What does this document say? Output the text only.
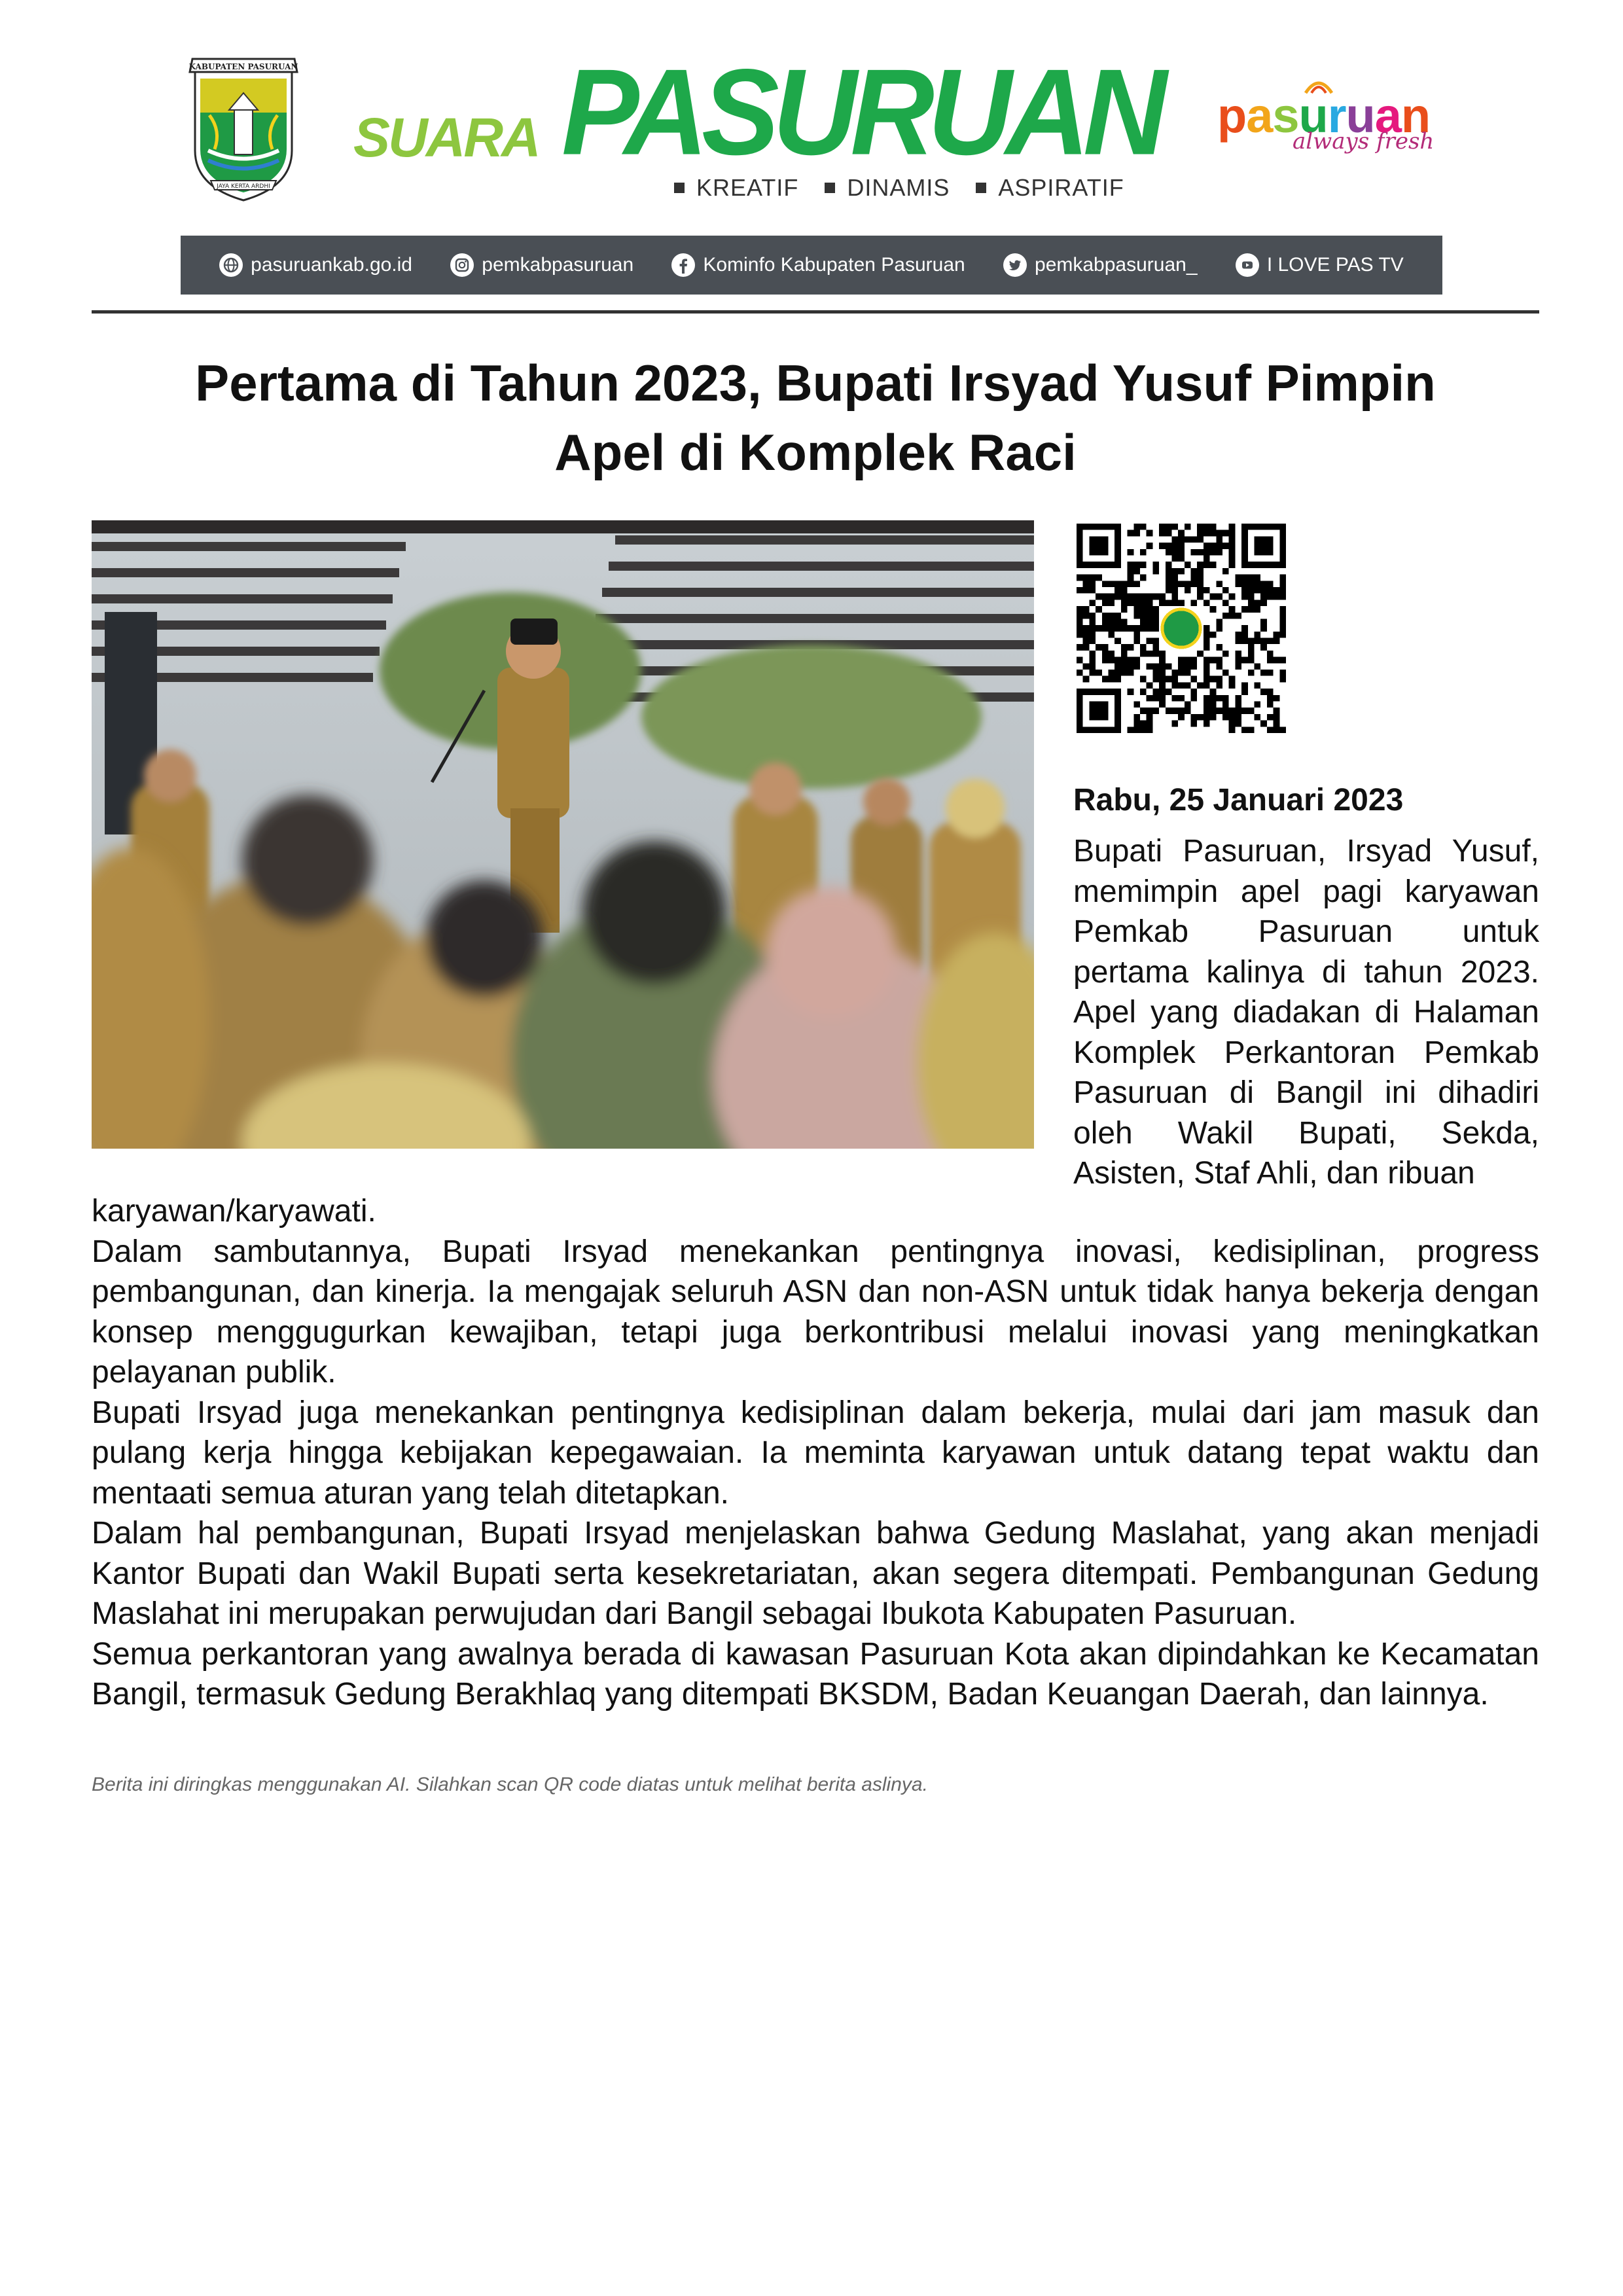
KABUPATEN PASURUAN
JAYA KERTA ARDHI
SUARA PASURUAN
KREATIF DINAMIS ASPIRATIF
pasuruan
always fresh
pasuruankab.go.id	pemkabpasuruan	Kominfo Kabupaten Pasuruan	pemkabpasuruan_	I LOVE PAS TV
Pertama di Tahun 2023, Bupati Irsyad Yusuf Pimpin
Apel di Komplek Raci
Rabu, 25 Januari 2023
Bupati Pasuruan, Irsyad Yusuf, memimpin apel pagi karyawan Pemkab Pasuruan untuk pertama kalinya di tahun 2023. Apel yang diadakan di Halaman Komplek Perkantoran Pemkab Pasuruan di Bangil ini dihadiri oleh Wakil Bupati, Sekda, Asisten, Staf Ahli, dan ribuan

karyawan/karyawati.

Dalam sambutannya, Bupati Irsyad menekankan pentingnya inovasi, kedisiplinan, progress pembangunan, dan kinerja. Ia mengajak seluruh ASN dan non-ASN untuk tidak hanya bekerja dengan konsep menggugurkan kewajiban, tetapi juga berkontribusi melalui inovasi yang meningkatkan pelayanan publik.

Bupati Irsyad juga menekankan pentingnya kedisiplinan dalam bekerja, mulai dari jam masuk dan pulang kerja hingga kebijakan kepegawaian. Ia meminta karyawan untuk datang tepat waktu dan mentaati semua aturan yang telah ditetapkan.

Dalam hal pembangunan, Bupati Irsyad menjelaskan bahwa Gedung Maslahat, yang akan menjadi Kantor Bupati dan Wakil Bupati serta kesekretariatan, akan segera ditempati. Pembangunan Gedung Maslahat ini merupakan perwujudan dari Bangil sebagai Ibukota Kabupaten Pasuruan.

Semua perkantoran yang awalnya berada di kawasan Pasuruan Kota akan dipindahkan ke Kecamatan Bangil, termasuk Gedung Berakhlaq yang ditempati BKSDM, Badan Keuangan Daerah, dan lainnya.

Berita ini diringkas menggunakan AI. Silahkan scan QR code diatas untuk melihat berita aslinya.
